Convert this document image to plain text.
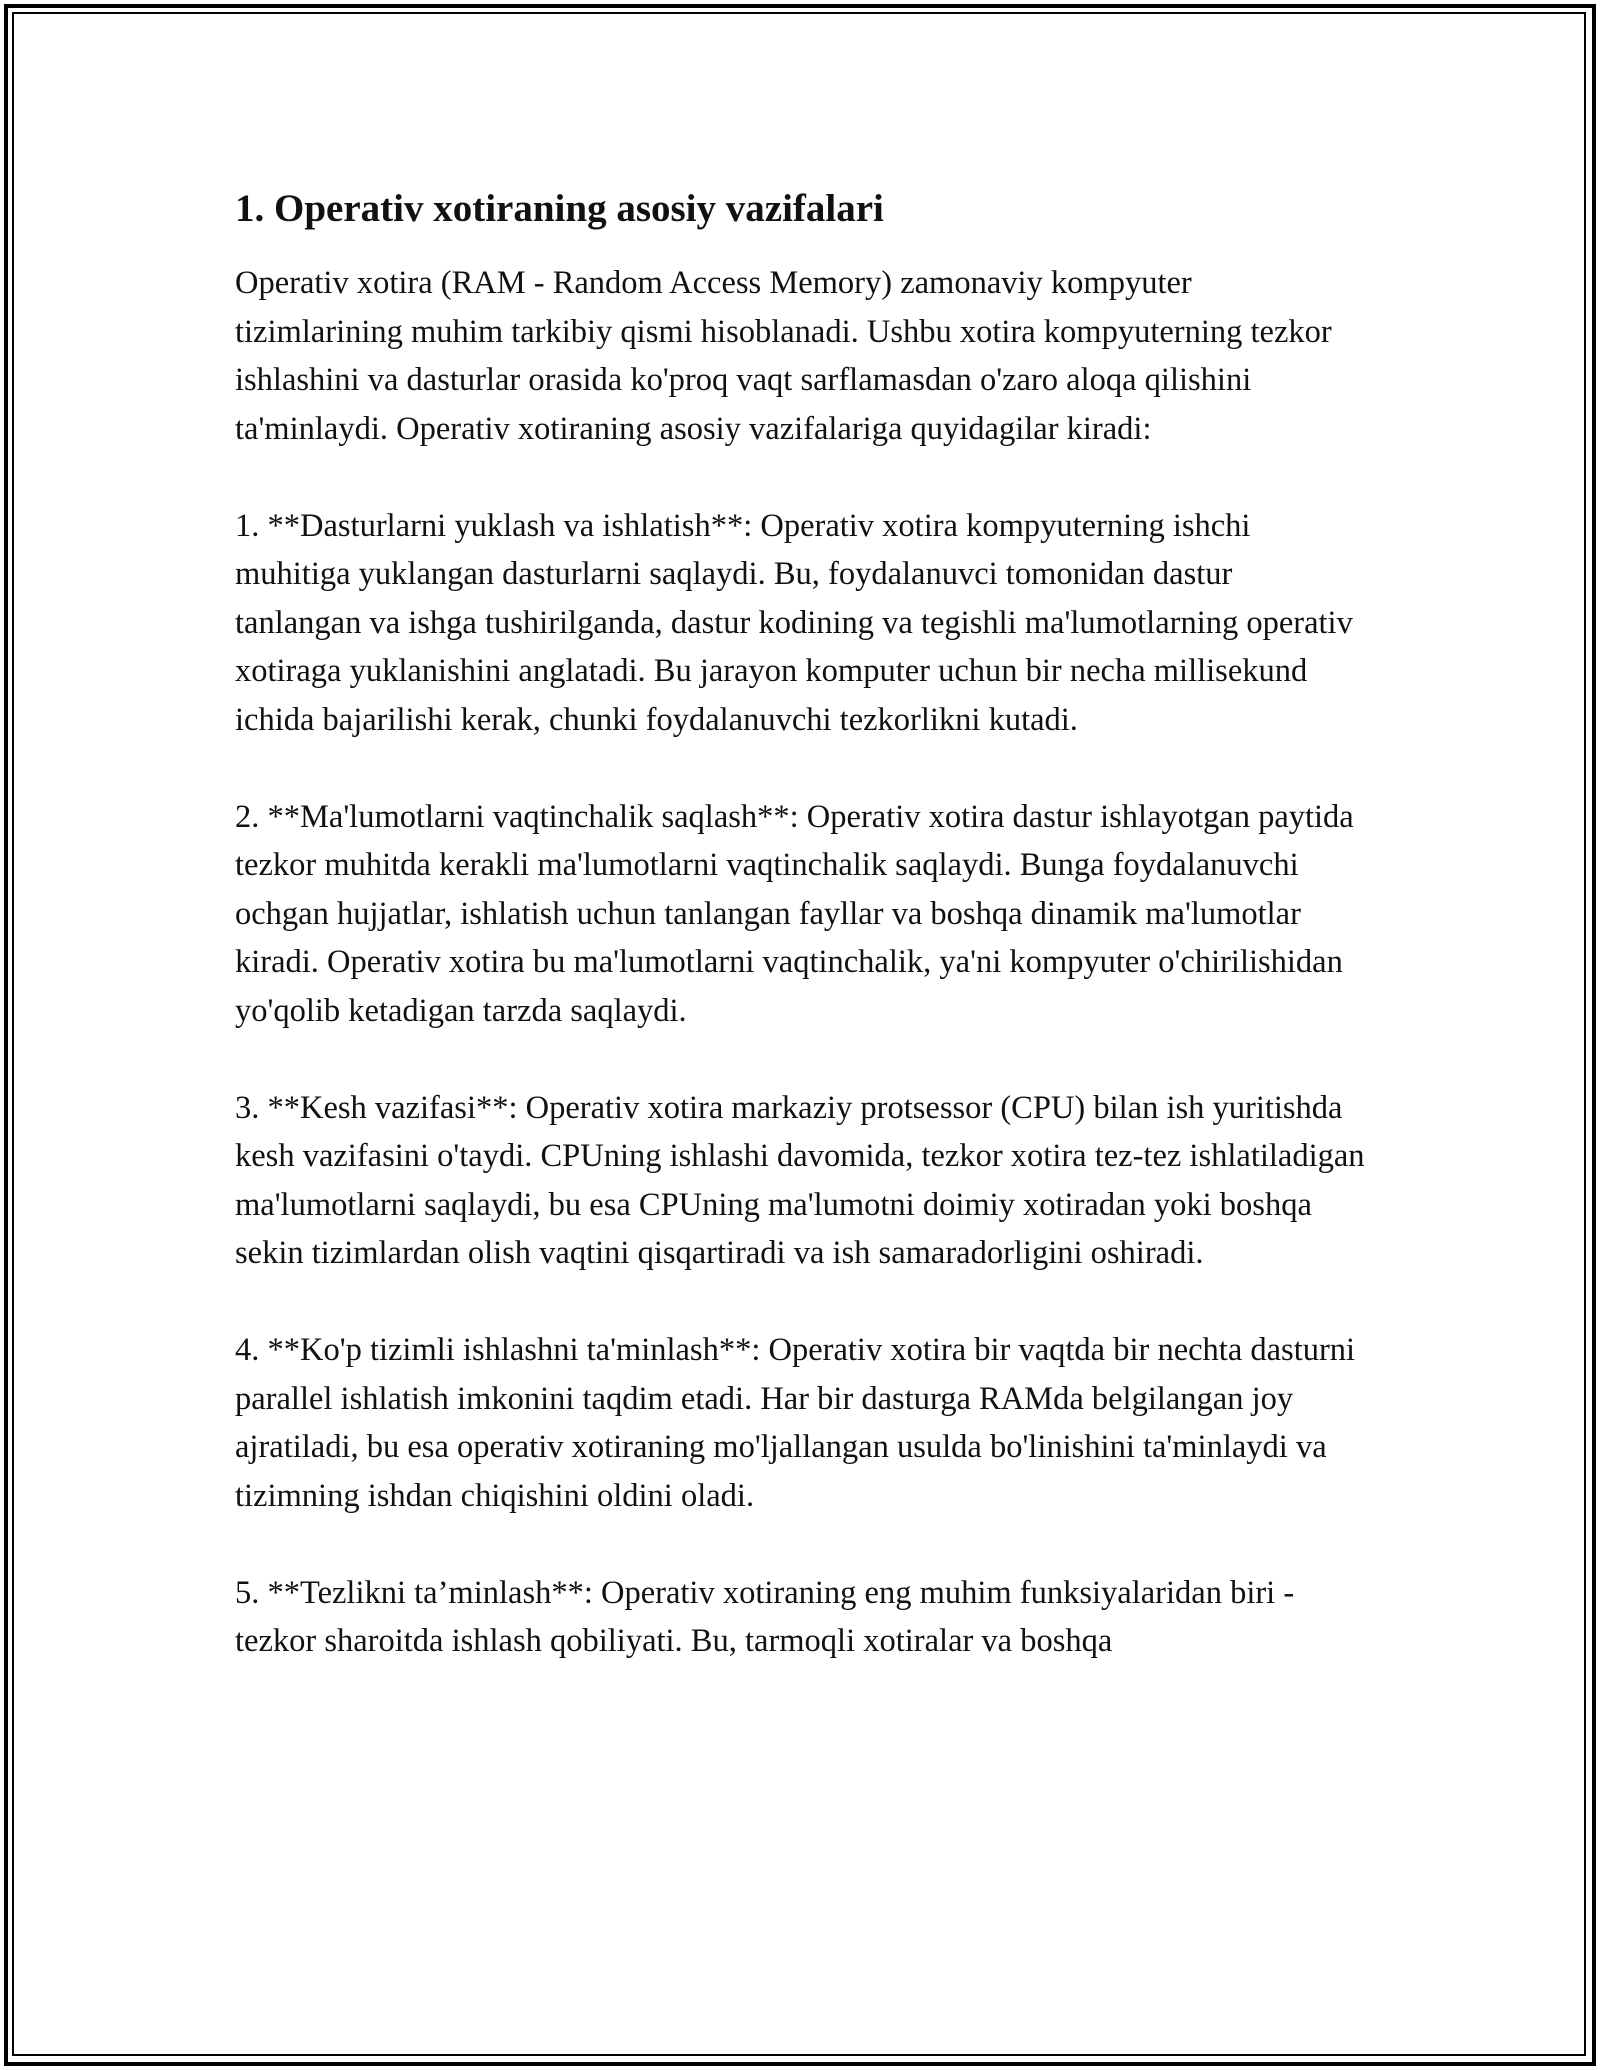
1. Operativ xotiraning asosiy vazifalari

Operativ xotira (RAM - Random Access Memory) zamonaviy kompyuter tizimlarining muhim tarkibiy qismi hisoblanadi. Ushbu xotira kompyuterning tezkor ishlashini va dasturlar orasida ko'proq vaqt sarflamasdan o'zaro aloqa qilishini ta'minlaydi. Operativ xotiraning asosiy vazifalariga quyidagilar kiradi:

1. **Dasturlarni yuklash va ishlatish**: Operativ xotira kompyuterning ishchi muhitiga yuklangan dasturlarni saqlaydi. Bu, foydalanuvci tomonidan dastur tanlangan va ishga tushirilganda, dastur kodining va tegishli ma'lumotlarning operativ xotiraga yuklanishini anglatadi. Bu jarayon komputer uchun bir necha millisekund ichida bajarilishi kerak, chunki foydalanuvchi tezkorlikni kutadi.

2. **Ma'lumotlarni vaqtinchalik saqlash**: Operativ xotira dastur ishlayotgan paytida tezkor muhitda kerakli ma'lumotlarni vaqtinchalik saqlaydi. Bunga foydalanuvchi ochgan hujjatlar, ishlatish uchun tanlangan fayllar va boshqa dinamik ma'lumotlar kiradi. Operativ xotira bu ma'lumotlarni vaqtinchalik, ya'ni kompyuter o'chirilishidan yo'qolib ketadigan tarzda saqlaydi.

3. **Kesh vazifasi**: Operativ xotira markaziy protsessor (CPU) bilan ish yuritishda kesh vazifasini o'taydi. CPUning ishlashi davomida, tezkor xotira tez-tez ishlatiladigan ma'lumotlarni saqlaydi, bu esa CPUning ma'lumotni doimiy xotiradan yoki boshqa sekin tizimlardan olish vaqtini qisqartiradi va ish samaradorligini oshiradi.

4. **Ko'p tizimli ishlashni ta'minlash**: Operativ xotira bir vaqtda bir nechta dasturni parallel ishlatish imkonini taqdim etadi. Har bir dasturga RAMda belgilangan joy ajratiladi, bu esa operativ xotiraning mo'ljallangan usulda bo'linishini ta'minlaydi va tizimning ishdan chiqishini oldini oladi.

5. **Tezlikni ta’minlash**: Operativ xotiraning eng muhim funksiyalaridan biri - tezkor sharoitda ishlash qobiliyati. Bu, tarmoqli xotiralar va boshqa
